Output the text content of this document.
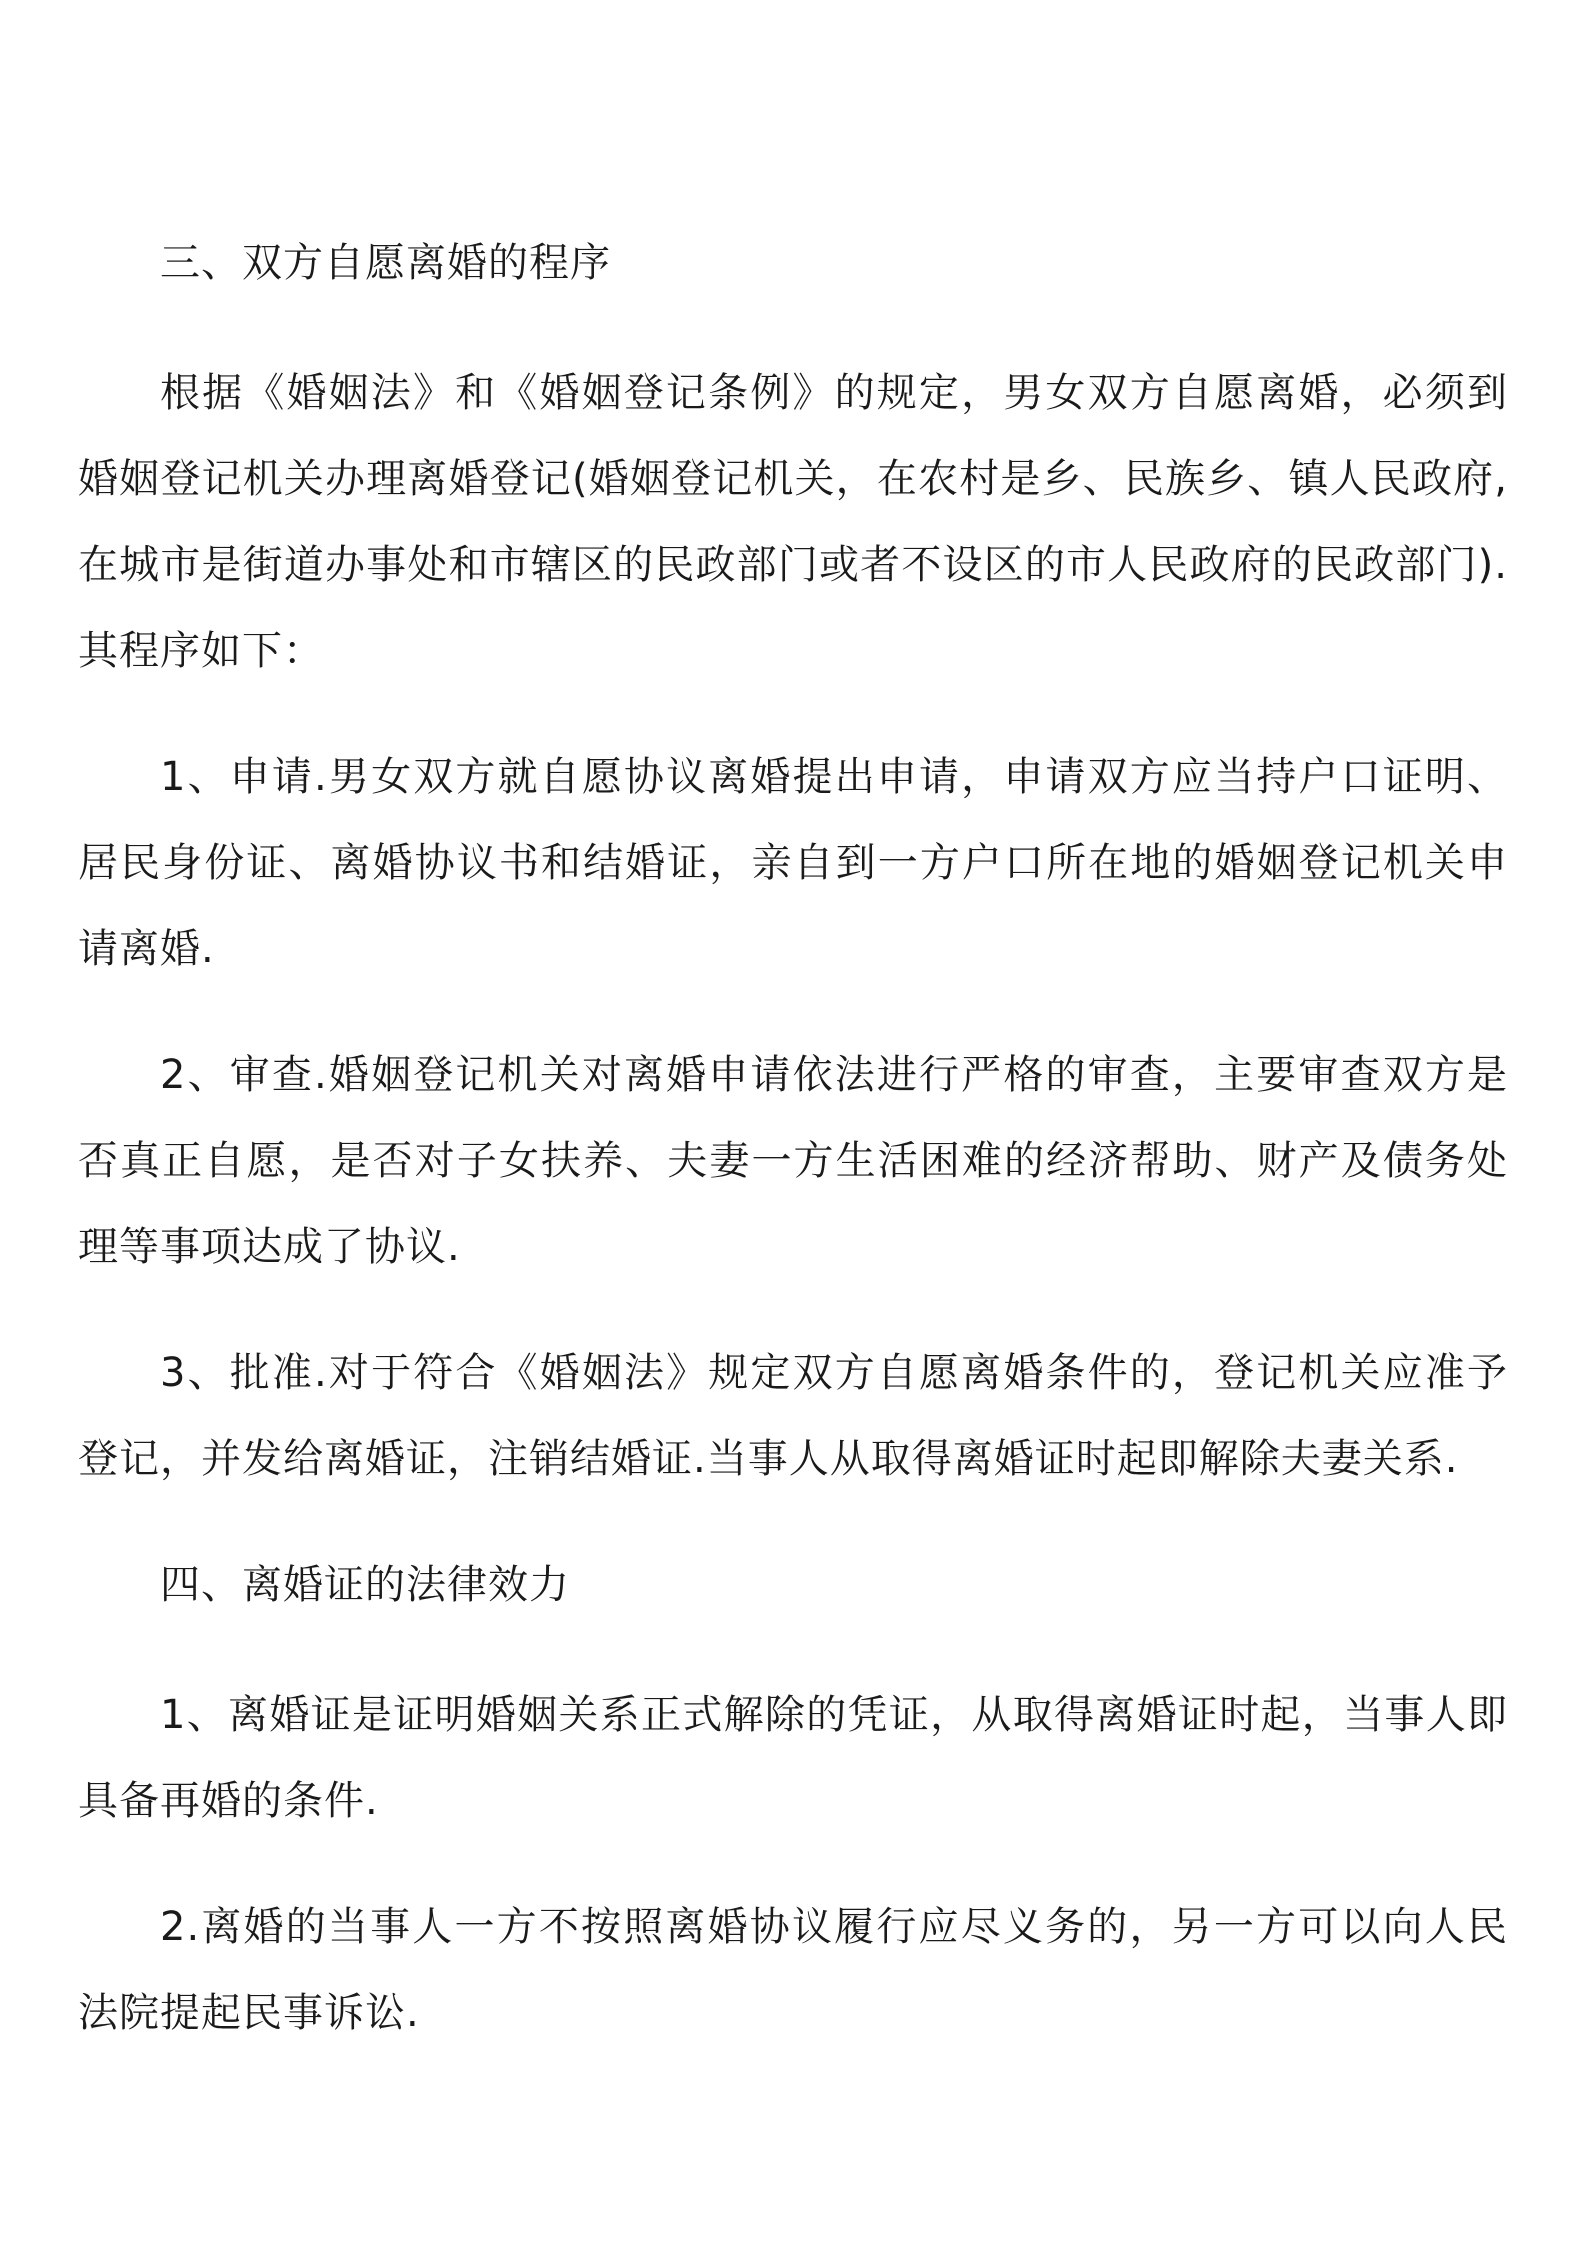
三、双方自愿离婚的程序

根据《婚姻法》和《婚姻登记条例》的规定，男女双方自愿离婚，必须到婚姻登记机关办理离婚登记(婚姻登记机关，在农村是乡、民族乡、镇人民政府,在城市是街道办事处和市辖区的民政部门或者不设区的市人民政府的民政部门).其程序如下：

1、申请.男女双方就自愿协议离婚提出申请，申请双方应当持户口证明、居民身份证、离婚协议书和结婚证，亲自到一方户口所在地的婚姻登记机关申请离婚.

2、审查.婚姻登记机关对离婚申请依法进行严格的审查，主要审查双方是否真正自愿，是否对子女扶养、夫妻一方生活困难的经济帮助、财产及债务处理等事项达成了协议.

3、批准.对于符合《婚姻法》规定双方自愿离婚条件的，登记机关应准予登记，并发给离婚证，注销结婚证.当事人从取得离婚证时起即解除夫妻关系.

四、离婚证的法律效力

1、离婚证是证明婚姻关系正式解除的凭证，从取得离婚证时起，当事人即具备再婚的条件.

2.离婚的当事人一方不按照离婚协议履行应尽义务的，另一方可以向人民法院提起民事诉讼.
